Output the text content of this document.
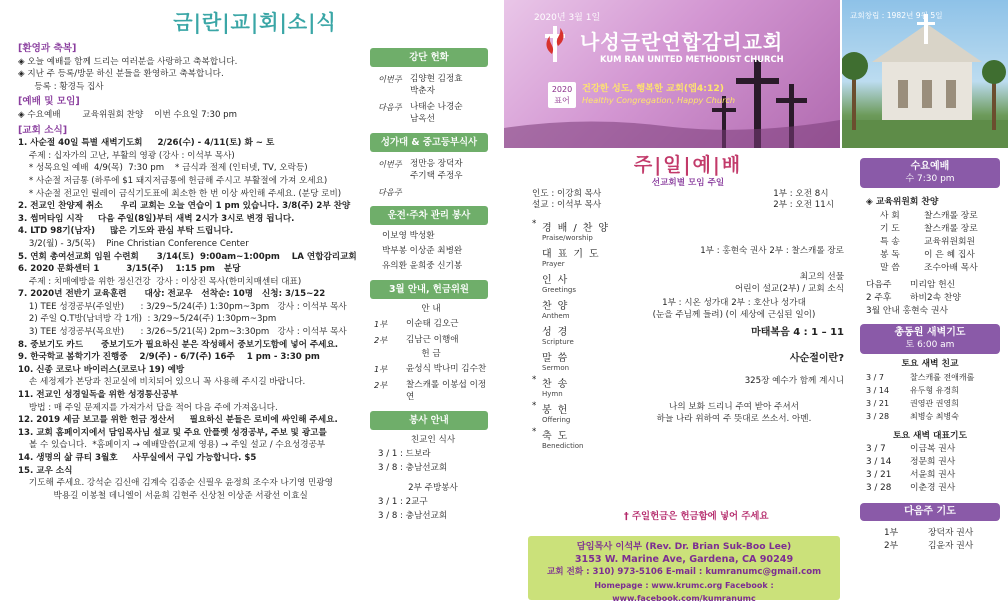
금|란|교|회|소|식
[환영과 축복]
◈ 오늘 예배를 함께 드리는 여러분을 사랑하고 축복합니다.
◈ 지난 주 등록/방문 하신 분들을 환영하고 축복합니다.
등록 : 황경득 집사
[예배 및 모임]
◈ 수요예배        교육위원회 찬양    이번 수요일 7:30 pm
[교회 소식]
1. 사순절 40일 특별 새벽기도회     2/26(수) - 4/11(토) 화 ~ 토
주제 : 십자가의 고난, 부활의 영광 (강사 : 이석부 목사)
* 성목요일 예배  4/9(목)  7:30 pm    * 금식과 절제 (인터넷, TV, 오락등)
* 사순절 저금통 (하루에 $1 돼지저금통에 헌금해 주시고 부활절에 가져 오세요)
* 사순절 전교인 릴레이 금식기도표에 최소한 한 번 이상 싸인해 주세요. (분당 로비)
2. 전교인 찬양제 취소      우리 교회는 오늘 연습이 1 pm 있습니다. 3/8(주) 2부 찬양
3. 썸머타임 시작     다음 주일(8일)부터 새벽 2시가 3시로 변경 됩니다.
4. LTD 98기(남자)     많은 기도와 관심 부탁 드립니다.
3/2(월) - 3/5(목)    Pine Christian Conference Center
5. 연회 총여선교회 임원 수련회      3/14(토)  9:00am~1:00pm    LA 연합감리교회
6. 2020 문화센터 1         3/15(주)    1:15 pm   분당
주제 : 치매예방을 위한 정신건강  강사 : 이상진 목사(한미치매센터 대표)
7. 2020년 전반기 교육훈련      대상: 전교우   선착순: 10명   신청: 3/15~22
1) TEE 성경공부(주일반)      : 3/29~5/24(주) 1:30pm~3pm   강사 : 이석부 목사
2) 주일 Q.T방(남녀방 각 1개)  : 3/29~5/24(주) 1:30pm~3pm
3) TEE 성경공부(목요반)      : 3/26~5/21(목) 2pm~3:30pm   강사 : 이석부 목사
8. 중보기도 카드      중보기도가 필요하신 분은 작성해서 중보기도함에 넣어 주세요.
9. 한국학교 봄학기가 진행중    2/9(주) - 6/7(주) 16주    1 pm - 3:30 pm
10. 신종 코로나 바이러스(코로나 19) 예방
손 세정제가 본당과 친교실에 비치되어 있으니 꼭 사용해 주시길 바랍니다.
11. 전교인 성경일독을 위한 성경통신공부
방법 : 매 주일 문제지를 가져가서 답을 적어 다음 주에 가져옵니다.
12. 2019 세금 보고를 위한 헌금 정산서     필요하신 분들은 로비에 싸인해 주세요.
13. 교회 홈페이지에서 담임목사님 설교 및 주요 안플렛 성경공부, 주보 및 광고를
볼 수 있습니다.  *홈페이지 → 예배말씀(교제 영용) → 주일 설교 / 수요성경공부
14. 생명의 삶 큐티 3월호     사무실에서 구입 가능합니다. $5
15. 교우 소식
기도해 주세요. 강석순 김신애 김계숙 김종순 신필우 윤정희 조수자 나기영 민광영
박용길 이봉철 데니엘이 서윤희 김현주 신상천 이상준 서광선 이효실
강단 헌화
이번주 김양현 김정효
박춘자
다음주 나태순 나경순
남옥선
성가대 & 중고등부식사
이번주 정만응 장덕자
주기택 주정우
다음주
운전·주차 관리 봉사
이보영 박성환
박부봉 이상준 최병완
유의환 윤희중 신기봉
3월 안내, 헌금위원
안 내
1부	이순태 김오근
2부	김남근 이행애
헌 금
1부	윤성식 박나미 김수찬
2부	찰스캐롤 이봉섭 이정연
봉사 안내
친교인 식사
3 / 1 : 드보라
3 / 8 : 충남선교회
2부 주방봉사
3 / 1 : 2교구
3 / 8 : 충남선교회
2020년 3월 1일
나성금란연합감리교회
KUM RAN UNITED METHODIST CHURCH
2020
표어
건강한 성도, 행복한 교회(엡4:12)
Healthy Congregation, Happy Church
교회창립 : 1982년 9월 5일
주|일|예|배
선교회별 모임 주일
인도 : 이강희 목사
설교 : 이석부 목사
1부 : 오전 8시
2부 : 오전 11시
* 경배/찬양
Praise/worship
대표기도
Prayer
1부 : 홍현숙 권사 2부 : 찰스캐롤 장로
인사
Greetings
최고의 선물
어린이 설교(2부) / 교회 소식
찬양
Anthem
1부 : 시온 성가대 2부 : 호산나 성가대
(눈을 주님께 들려) (이 세상에 근심된 일이)
성경
Scripture
마태복음 4 : 1 – 11
말씀
Sermon
사순절이란?
* 찬송
Hymn
325장 예수가 함께 계시니
* 봉헌
Offering
나의 보화 드리니 주여 받아 주셔서
하늘 나라 위하여 주 뜻대로 쓰소서. 아멘.
* 축도
Benediction
† 주일헌금은 헌금함에 넣어 주세요
담임목사 이석부 (Rev. Dr. Brian Suk-Boo Lee)
3153 W. Marine Ave, Gardena, CA 90249
교회 전화 : 310) 973-5106 E-mail : kumranumc@gmail.com
Homepage : www.krumc.org Facebook : www.facebook.com/kumranumc
수요예배
수 7:30 pm
◈ 교육위원회 찬양
사 회	찰스캐롤 장로
기 도	찰스캐롤 장로
특 송	교육위원회원
봉 독	이 은 혜 집사
말 씀	조수아배 목사
다음주	미리암 헌신
2 주후	하비2속 찬양
3월 안내 홍현숙 권사
총동원 새벽기도
토 6:00 am
토요 새벽 친교
3 / 7	찰스캐롤 전애캐롤
3 / 14	유두형 유경희
3 / 21	권영관 권영희
3 / 28	최병승 최병숙
토요 새벽 대표기도
3 / 7	이금복 권사
3 / 14	정문희 권사
3 / 21	서윤희 권사
3 / 28	이춘경 권사
다음주 기도
1부	장덕자 권사
2부	김윤자 권사
